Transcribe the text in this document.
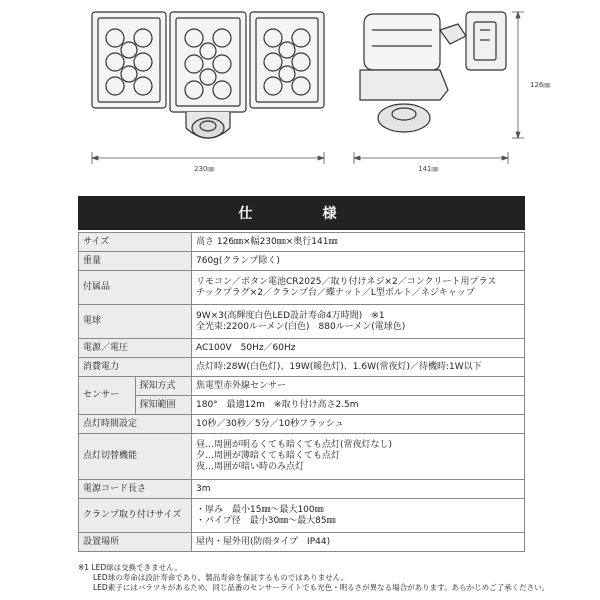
230㎜	141㎜
126㎜
仕　様
サイズ		高さ 126㎜×幅230㎜×奥行141㎜
重量		760g(クランプ除く)
付属品		リモコン／ボタン電池CR2025／取り付けネジ×2／コンクリート用プラス
チックプラグ×2／クランプ台／蝶ナット／L型ボルト／ネジキャップ

電球		9W×3(高輝度白色LED設計寿命4万時間)　※1
全光束:2200ルーメン(白色)　880ルーメン(電球色)

電源／電圧		AC100V　50Hz／60Hz
消費電力		点灯時:28W(白色灯)、19W(暖色灯)、1.6W(常夜灯)／待機時:1W以下
センサー	探知方式	焦電型赤外線センサー
	探知範囲	180°　最適12m　※取り付け高さ2.5m
点灯時間設定		10秒／30秒／5分／10秒フラッシュ
点灯切替機能		昼…周囲が明るくても暗くても点灯(常夜灯なし)
夕…周囲が薄暗くても暗くても点灯
夜…周囲が暗い時のみ点灯

電源コード長さ		3m
クランプ取り付けサイズ		・厚み　最小15㎜～最大100㎜
・パイプ径　最小30㎜～最大85㎜

設置場所		屋内・屋外用(防雨タイプ　IP44)
※1 LED球は交換できません。
　　LED球の寿命は設計寿命であり、製品寿命を保証するものではありません。
　　LED素子にはバラツキがあるため、同じ品番のセンサーライトでも光色・明るさが異なる場合があります。あらかじめご了承ください。
